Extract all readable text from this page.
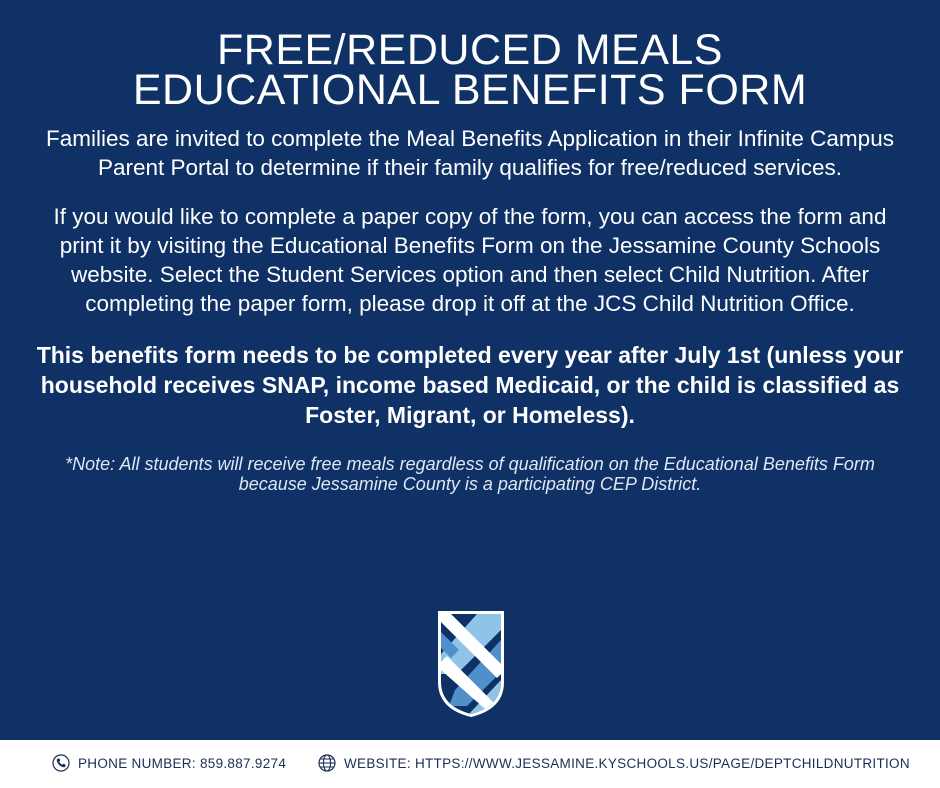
FREE/REDUCED MEALS
EDUCATIONAL BENEFITS FORM

Families are invited to complete the Meal Benefits Application in their Infinite Campus Parent Portal to determine if their family qualifies for free/reduced services.

If you would like to complete a paper copy of the form, you can access the form and print it by visiting the Educational Benefits Form on the Jessamine County Schools website. Select the Student Services option and then select Child Nutrition. After completing the paper form, please drop it off at the JCS Child Nutrition Office.

This benefits form needs to be completed every year after July 1st (unless your household receives SNAP, income based Medicaid, or the child is classified as Foster, Migrant, or Homeless).

*Note: All students will receive free meals regardless of qualification on the Educational Benefits Form because Jessamine County is a participating CEP District.

PHONE NUMBER: 859.887.9274	WEBSITE: HTTPS://WWW.JESSAMINE.KYSCHOOLS.US/PAGE/DEPTCHILDNUTRITION
